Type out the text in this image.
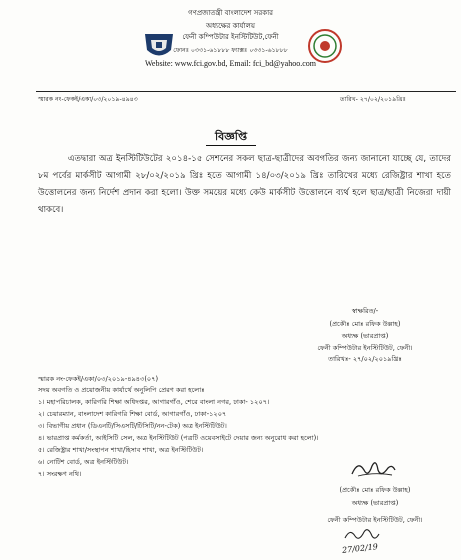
গণপ্রজাতন্ত্রী বাংলাদেশ সরকার
অধ্যক্ষের কার্যালয়
ফেনী কম্পিউটার ইনস্টিটিউট,ফেনী
ফোনঃ ০৩৩১-৬১৮৮৮ ফ্যাক্সঃ ০৩৩১-৬১৮৮৮
Website: www.fci.gov.bd, Email: fci_bd@yahoo.com
স্মারক নং-ফেকই/একা/০৩/২০১৯-৪৯৪৩	তারিখ- ২৭/০২/২০১৯খ্রিঃ
বিজ্ঞপ্তি
এতদ্বারা অত্র ইনস্টিটিউটের ২০১৪-১৫ সেশনের সকল ছাত্র-ছাত্রীদের অবগতির জন্য জানানো যাচ্ছে যে, তাদের ৮ম পর্বের মার্কসীট আগামী ২৮/০২/২০১৯ খ্রিঃ হতে আগামী ১৪/০৩/২০১৯ খ্রিঃ তারিখের মধ্যে রেজিষ্ট্রার শাখা হতে উত্তোলনের জন্য নির্দেশ প্রদান করা হলো। উক্ত সময়ের মধ্যে কেউ মার্কসীট উত্তোলনে ব্যর্থ হলে ছাত্র/ছাত্রী নিজেরা দায়ী থাকবে।
স্বাক্ষরিত/-
(প্রকৌঃ মোঃ রফিক উল্লাহ)
অধ্যক্ষ (ভারপ্রাপ্ত)
ফেনী কম্পিউটার ইনস্টিটিউট, ফেনী।
তারিখঃ- ২৭/০২/২০১৯খ্রিঃ
স্মারক নং-ফেকই/একা/০৩/২০১৯-৪৯৪৩(০৭)
সদয় অবগতি ও প্রয়োজনীয় কার্যার্থে অনুলিপি প্রেরণ করা হলোঃ
১। মহাপরিচালক, কারিগরি শিক্ষা অধিদপ্তর, আগারগাঁও, শেরে বাংলা নগর, ঢাকা- ১২০৭।
২। চেয়ারম্যান, বাংলাদেশ কারিগরি শিক্ষা বোর্ড, আগারগাঁও, ঢাকা-১২০৭
৩। বিভাগীয় প্রধান (ডিএনটি/সিএসটি/টিসিটি/নন-টেক) অত্র ইনস্টিটিউট।
৪। ভারপ্রাপ্ত কর্মকর্তা, আইসিটি সেল, অত্র ইনস্টিটিউট (পত্রটি ওয়েবসাইটে দেয়ার জন্য অনুরোধ করা হলো)।
৫। রেজিষ্ট্রার শাখা/সংস্থাপন শাখা/হিসাব শাখা, অত্র ইনস্টিটিউট।
৬। নোটিশ বোর্ড, অত্র ইনস্টিটিউট।
৭। সংরক্ষণ নথি।
(প্রকৌঃ মোঃ রফিক উল্লাহ)
অধ্যক্ষ (ভারপ্রাপ্ত)
ফেনী কম্পিউটার ইনস্টিটিউট, ফেনী।
27/02/19
